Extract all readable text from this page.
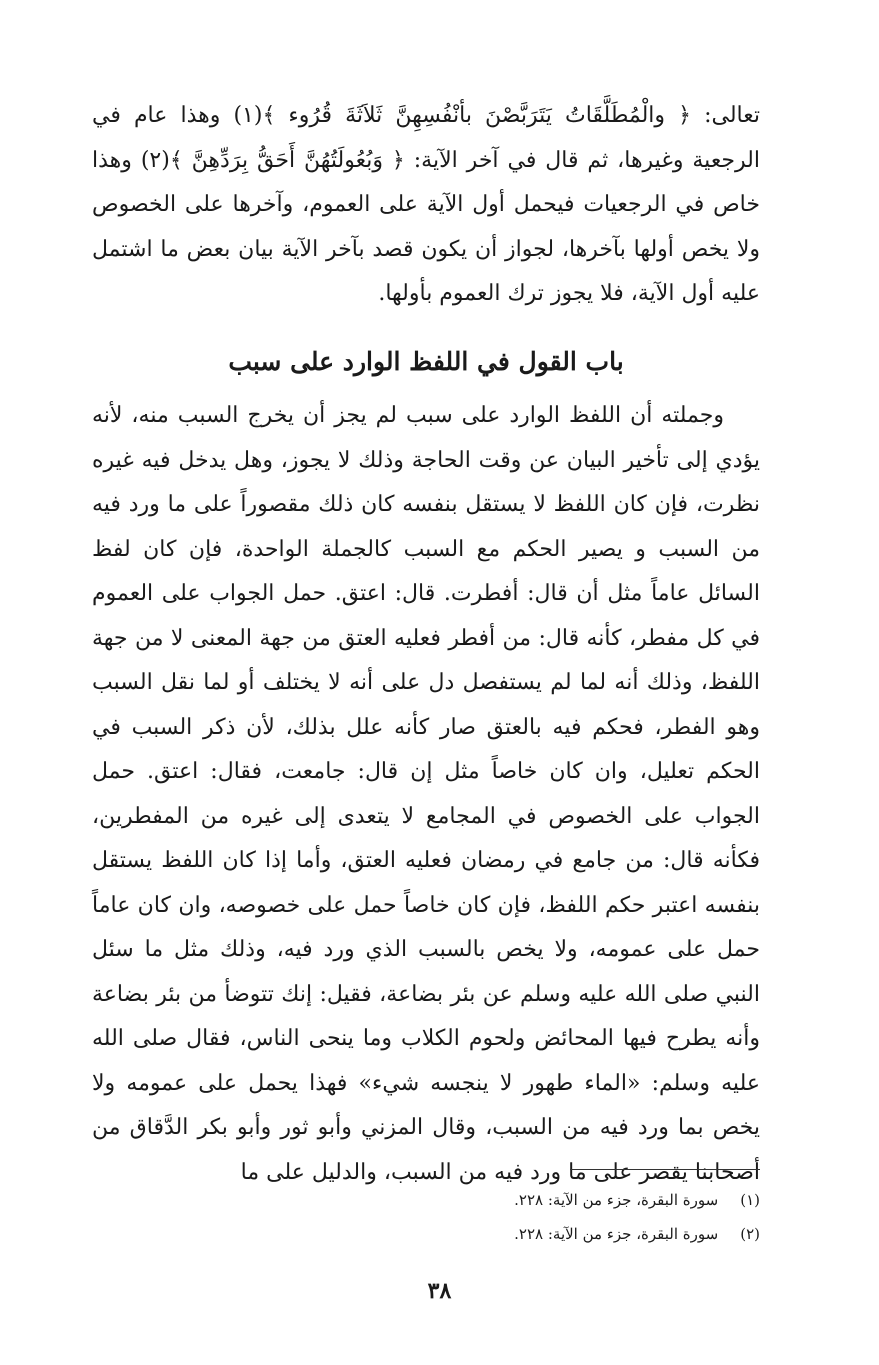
تعالى: ﴿ والْمُطَلَّقَاتُ يَتَرَبَّصْنَ بأنْفُسِهِنَّ ثَلاَثَةَ قُرُوء ﴾(١) وهذا عام في الرجعية وغيرها، ثم قال في آخر الآية: ﴿ وَبُعُولَتُهُنَّ أَحَقُّ بِرَدِّهِنَّ ﴾(٢) وهذا خاص في الرجعيات فيحمل أول الآية على العموم، وآخرها على الخصوص ولا يخص أولها بآخرها، لجواز أن يكون قصد بآخر الآية بيان بعض ما اشتمل عليه أول الآية، فلا يجوز ترك العموم بأولها.

باب القول في اللفظ الوارد على سبب

وجملته أن اللفظ الوارد على سبب لم يجز أن يخرج السبب منه، لأنه يؤدي إلى تأخير البيان عن وقت الحاجة وذلك لا يجوز، وهل يدخل فيه غيره نظرت، فإن كان اللفظ لا يستقل بنفسه كان ذلك مقصوراً على ما ورد فيه من السبب و يصير الحكم مع السبب كالجملة الواحدة، فإن كان لفظ السائل عاماً مثل أن قال: أفطرت. قال: اعتق. حمل الجواب على العموم في كل مفطر، كأنه قال: من أفطر فعليه العتق من جهة المعنى لا من جهة اللفظ، وذلك أنه لما لم يستفصل دل على أنه لا يختلف أو لما نقل السبب وهو الفطر، فحكم فيه بالعتق صار كأنه علل بذلك، لأن ذكر السبب في الحكم تعليل، وان كان خاصاً مثل إن قال: جامعت، فقال: اعتق. حمل الجواب على الخصوص في المجامع لا يتعدى إلى غيره من المفطرين، فكأنه قال: من جامع في رمضان فعليه العتق، وأما إذا كان اللفظ يستقل بنفسه اعتبر حكم اللفظ، فإن كان خاصاً حمل على خصوصه، وان كان عاماً حمل على عمومه، ولا يخص بالسبب الذي ورد فيه، وذلك مثل ما سئل النبي صلى الله عليه وسلم عن بئر بضاعة، فقيل: إنك تتوضأ من بئر بضاعة وأنه يطرح فيها المحائض ولحوم الكلاب وما ينحى الناس، فقال صلى الله عليه وسلم: «الماء طهور لا ينجسه شيء» فهذا يحمل على عمومه ولا يخص بما ورد فيه من السبب، وقال المزني وأبو ثور وأبو بكر الدَّقاق من أصحابنا يقصر على ما ورد فيه من السبب، والدليل على ما

(١)
سورة البقرة، جزء من الآية: ٢٢٨.
(٢)
سورة البقرة، جزء من الآية: ٢٢٨.
٣٨
